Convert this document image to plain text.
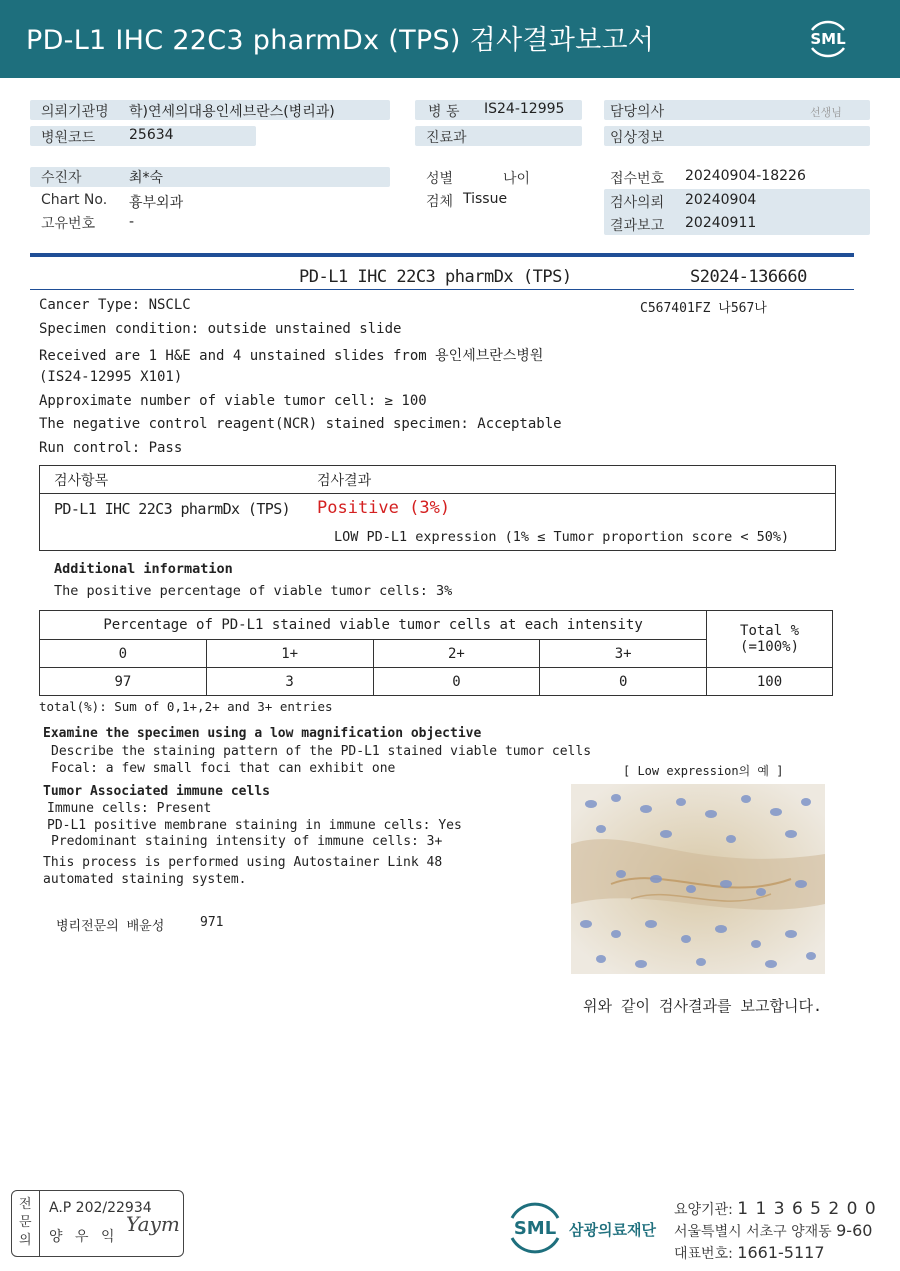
PD-L1 IHC 22C3 pharmDx (TPS) 검사결과보고서	SML
의뢰기관명 학)연세의대용인세브란스(병리과)	병 동 IS24-12995	담당의사	선생님
병원코드 25634	진료과	임상정보
수진자	최*숙	성별	나이	접수번호 20240904-18226
Chart No. 흉부외과	검체 Tissue	검사의뢰 20240904
고유번호 -	결과보고 20240911
PD-L1 IHC 22C3 pharmDx (TPS)	S2024-136660
C567401FZ 나567나
Cancer Type: NSCLC
Specimen condition: outside unstained slide
Received are 1 H&E and 4 unstained slides from 용인세브란스병원
(IS24-12995 X101)
Approximate number of viable tumor cell: ≥ 100
The negative control reagent(NCR) stained specimen: Acceptable
Run control: Pass
검사항목	검사결과
PD-L1 IHC 22C3 pharmDx (TPS) Positive (3%)
LOW PD-L1 expression (1% ≤ Tumor proportion score < 50%)
Additional information
The positive percentage of viable tumor cells: 3%
Percentage of PD-L1 stained viable tumor cells at each intensity				Total %
(=100%)

0	1+	2+	3+	
97	3	0	0	100
total(%): Sum of 0,1+,2+ and 3+ entries
Examine the specimen using a low magnification objective
Describe the staining pattern of the PD-L1 stained viable tumor cells
Focal: a few small foci that can exhibit one	[ Low expression의 예 ]
Tumor Associated immune cells
Immune cells: Present
PD-L1 positive membrane staining in immune cells: Yes
Predominant staining intensity of immune cells: 3+
This process is performed using Autostainer Link 48
automated staining system.
병리전문의 배윤성	971
위와 같이 검사결과를 보고합니다.
전
문
의
A.P 202/22934
양 우 익
Yaym	SML 삼광의료재단
요양기관: 1 1 3 6 5 2 0 0
서울특별시 서초구 양재동 9-60
대표번호: 1661-5117
